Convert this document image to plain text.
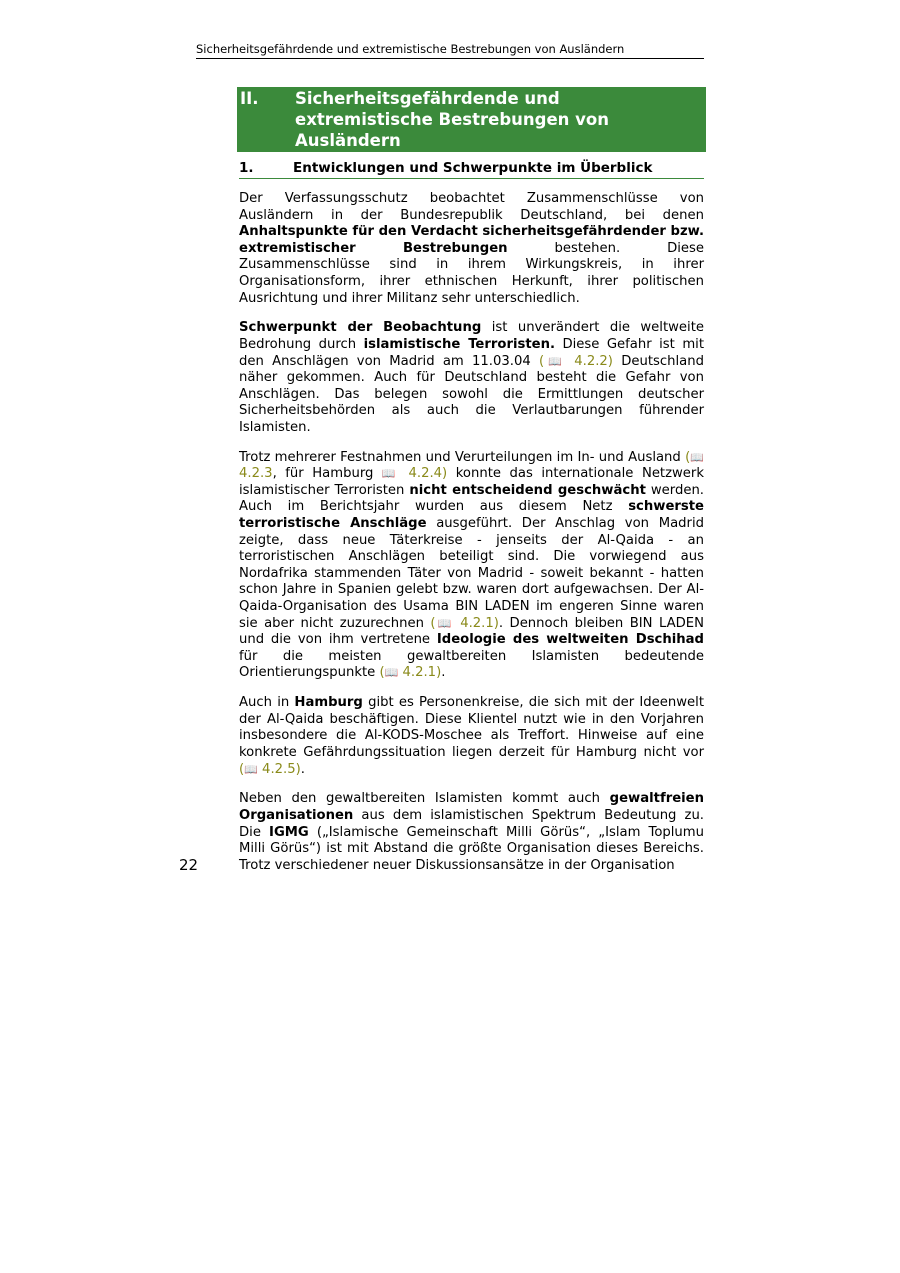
Sicherheitsgefährdende und extremistische Bestrebungen von Ausländern
II.	Sicherheitsgefährdende und extremistische Bestrebungen von Ausländern
1.	Entwicklungen und Schwerpunkte im Überblick

Der Verfassungsschutz beobachtet Zusammenschlüsse von Ausländern in der Bundesrepublik Deutschland, bei denen Anhaltspunkte für den Verdacht sicherheitsgefährdender bzw. extremistischer Bestrebungen bestehen. Diese Zusammenschlüsse sind in ihrem Wirkungskreis, in ihrer Organisationsform, ihrer ethnischen Herkunft, ihrer politischen Ausrichtung und ihrer Militanz sehr unterschiedlich.

Schwerpunkt der Beobachtung ist unverändert die weltweite Bedrohung durch islamistische Terroristen. Diese Gefahr ist mit den Anschlägen von Madrid am 11.03.04 (📖 4.2.2) Deutschland näher gekommen. Auch für Deutschland besteht die Gefahr von Anschlägen. Das belegen sowohl die Ermittlungen deutscher Sicherheitsbehörden als auch die Verlautbarungen führender Islamisten.

Trotz mehrerer Festnahmen und Verurteilungen im In- und Ausland (📖 4.2.3, für Hamburg 📖 4.2.4) konnte das internationale Netzwerk islamistischer Terroristen nicht entscheidend geschwächt werden. Auch im Berichtsjahr wurden aus diesem Netz schwerste terroristische Anschläge ausgeführt. Der Anschlag von Madrid zeigte, dass neue Täterkreise - jenseits der Al-Qaida - an terroristischen Anschlägen beteiligt sind. Die vorwiegend aus Nordafrika stammenden Täter von Madrid - soweit bekannt - hatten schon Jahre in Spanien gelebt bzw. waren dort aufgewachsen. Der Al-Qaida-Organisation des Usama BIN LADEN im engeren Sinne waren sie aber nicht zuzurechnen (📖 4.2.1). Dennoch bleiben BIN LADEN und die von ihm vertretene Ideologie des weltweiten Dschihad für die meisten gewaltbereiten Islamisten bedeutende Orientierungspunkte (📖 4.2.1).

Auch in Hamburg gibt es Personenkreise, die sich mit der Ideenwelt der Al-Qaida beschäftigen. Diese Klientel nutzt wie in den Vorjahren insbesondere die Al-KODS-Moschee als Treffort. Hinweise auf eine konkrete Gefährdungssituation liegen derzeit für Hamburg nicht vor (📖 4.2.5).

Neben den gewaltbereiten Islamisten kommt auch gewaltfreien Organisationen aus dem islamistischen Spektrum Bedeutung zu. Die IGMG („Islamische Gemeinschaft Milli Görüs“, „Islam Toplumu Milli Görüs“) ist mit Abstand die größte Organisation dieses Bereichs. Trotz verschiedener neuer Diskussionsansätze in der Organisation

22
